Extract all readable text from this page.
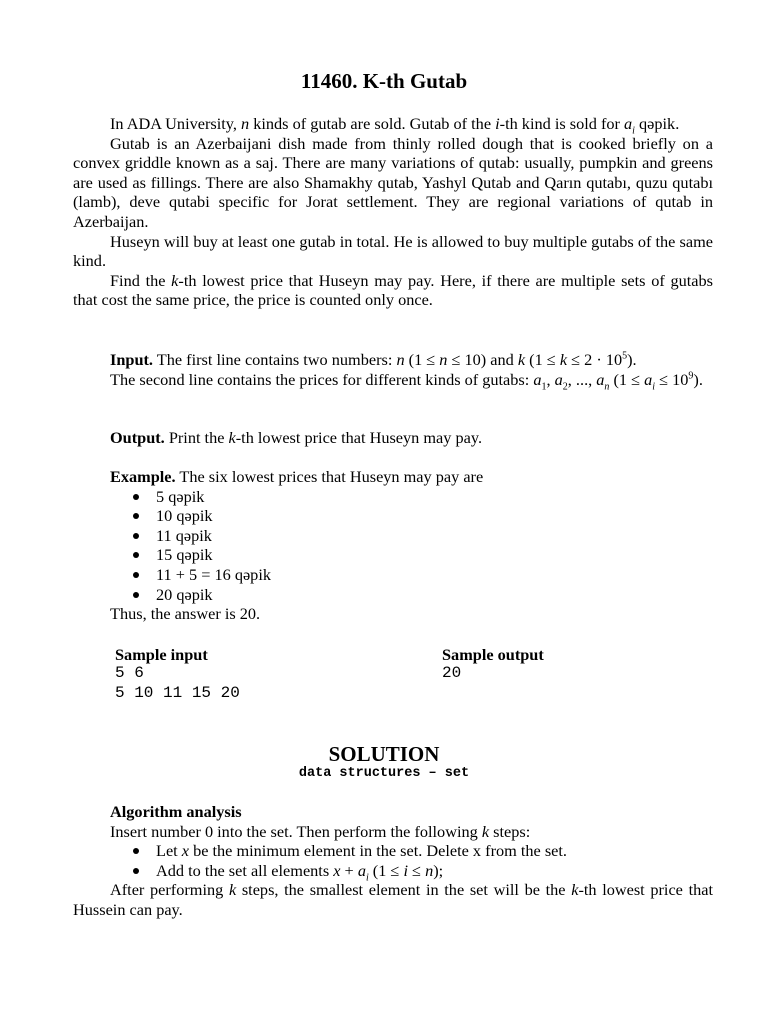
11460. K-th Gutab

In ADA University, n kinds of gutab are sold. Gutab of the i-th kind is sold for $a_i$ qəpik.

Gutab is an Azerbaijani dish made from thinly rolled dough that is cooked briefly on a convex griddle known as a saj. There are many variations of qutab: usually, pumpkin and greens are used as fillings. There are also Shamakhy qutab, Yashyl Qutab and Qarın qutabı, quzu qutabı (lamb), deve qutabi specific for Jorat settlement. They are regional variations of qutab in Azerbaijan.

Huseyn will buy at least one gutab in total. He is allowed to buy multiple gutabs of the same kind.

Find the k-th lowest price that Huseyn may pay. Here, if there are multiple sets of gutabs that cost the same price, the price is counted only once.

Input. The first line contains two numbers: n (1 ≤ n ≤ 10) and k $(1 \le k \le 2 \cdot 10^5)$.

The second line contains the prices for different kinds of gutabs: $a_1$, $a_2$, ..., $a_n$ $(1 \le a_i \le 10^9)$.

Output. Print the k-th lowest price that Huseyn may pay.

Example. The six lowest prices that Huseyn may pay are

5 qəpik
10 qəpik
11 qəpik
15 qəpik
11 + 5 = 16 qəpik
20 qəpik

Thus, the answer is 20.

Sample input
5 6
5 10 11 15 20
Sample output
20
SOLUTION
data structures – set

Algorithm analysis

Insert number 0 into the set. Then perform the following k steps:

Let x be the minimum element in the set. Delete x from the set.
Add to the set all elements $x + a_i$ (1 ≤ i ≤ n);

After performing k steps, the smallest element in the set will be the k-th lowest price that Hussein can pay.
